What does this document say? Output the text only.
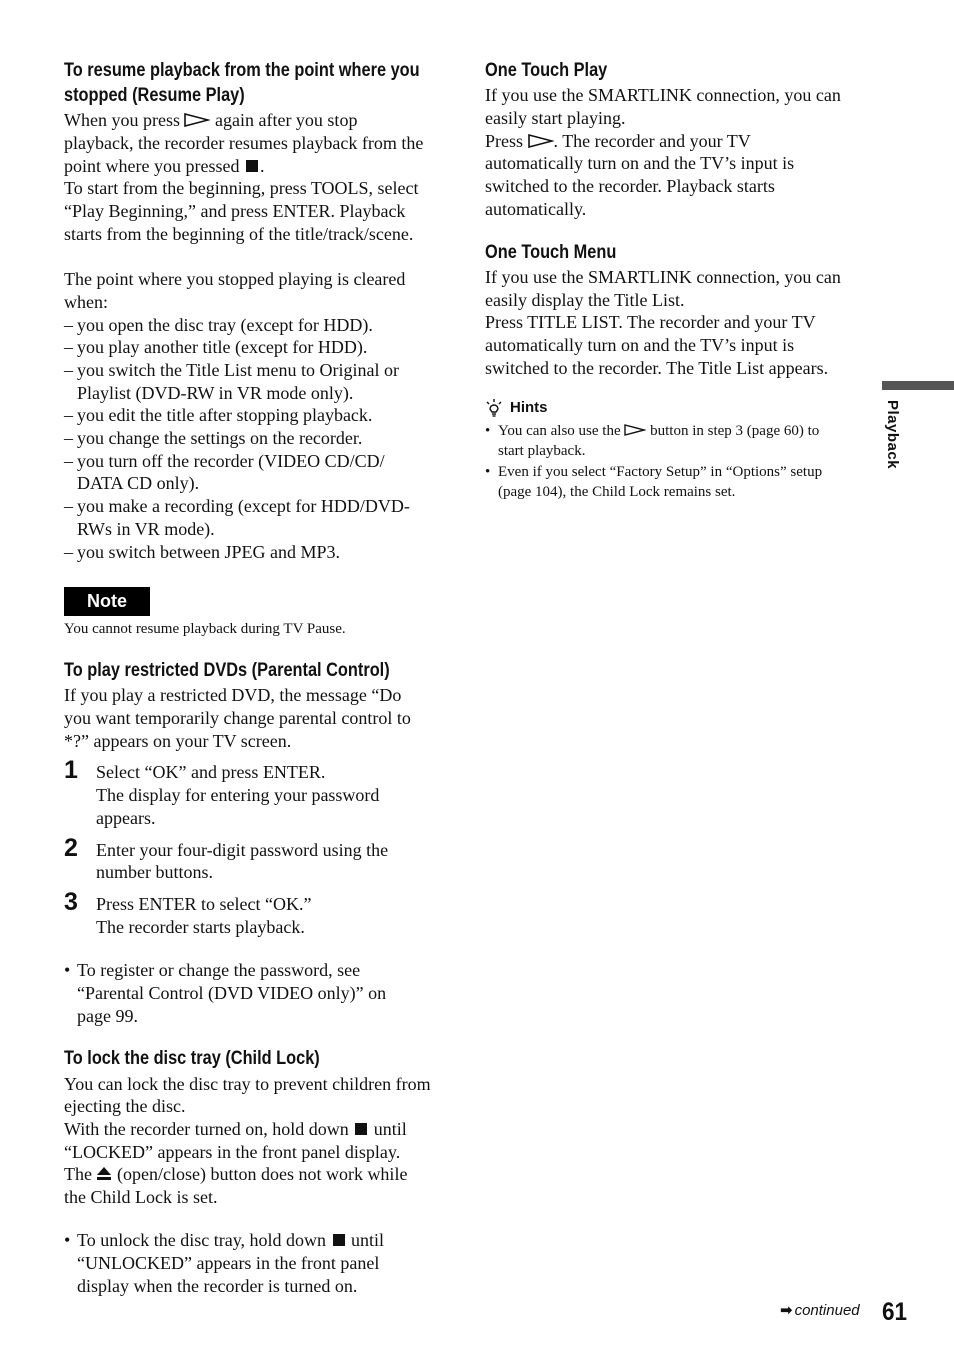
To resume playback from the point where you
stopped (Resume Play)
When you press again after you stop
playback, the recorder resumes playback from the
point where you pressed .
To start from the beginning, press TOOLS, select
“Play Beginning,” and press ENTER. Playback
starts from the beginning of the title/track/scene.
The point where you stopped playing is cleared
when:
– you open the disc tray (except for HDD).
– you play another title (except for HDD).
– you switch the Title List menu to Original or
Playlist (DVD-RW in VR mode only).
– you edit the title after stopping playback.
– you change the settings on the recorder.
– you turn off the recorder (VIDEO CD/CD/
DATA CD only).
– you make a recording (except for HDD/DVD-
RWs in VR mode).
– you switch between JPEG and MP3.
Note
You cannot resume playback during TV Pause.
To play restricted DVDs (Parental Control)
If you play a restricted DVD, the message “Do
you want temporarily change parental control to
*?” appears on your TV screen.
1 Select “OK” and press ENTER.
The display for entering your password
appears.
2 Enter your four-digit password using the
number buttons.
3 Press ENTER to select “OK.”
The recorder starts playback.
• To register or change the password, see
“Parental Control (DVD VIDEO only)” on
page 99.
To lock the disc tray (Child Lock)
You can lock the disc tray to prevent children from
ejecting the disc.
With the recorder turned on, hold down until
“LOCKED” appears in the front panel display.
The (open/close) button does not work while
the Child Lock is set.
• To unlock the disc tray, hold down until
“UNLOCKED” appears in the front panel
display when the recorder is turned on.
One Touch Play
If you use the SMARTLINK connection, you can
easily start playing.
Press . The recorder and your TV
automatically turn on and the TV’s input is
switched to the recorder. Playback starts
automatically.
One Touch Menu
If you use the SMARTLINK connection, you can
easily display the Title List.
Press TITLE LIST. The recorder and your TV
automatically turn on and the TV’s input is
switched to the recorder. The Title List appears.
Hints
• You can also use the button in step 3 (page 60) to
start playback.
• Even if you select “Factory Setup” in “Options” setup
(page 104), the Child Lock remains set.
Playback
➡ continued 61
